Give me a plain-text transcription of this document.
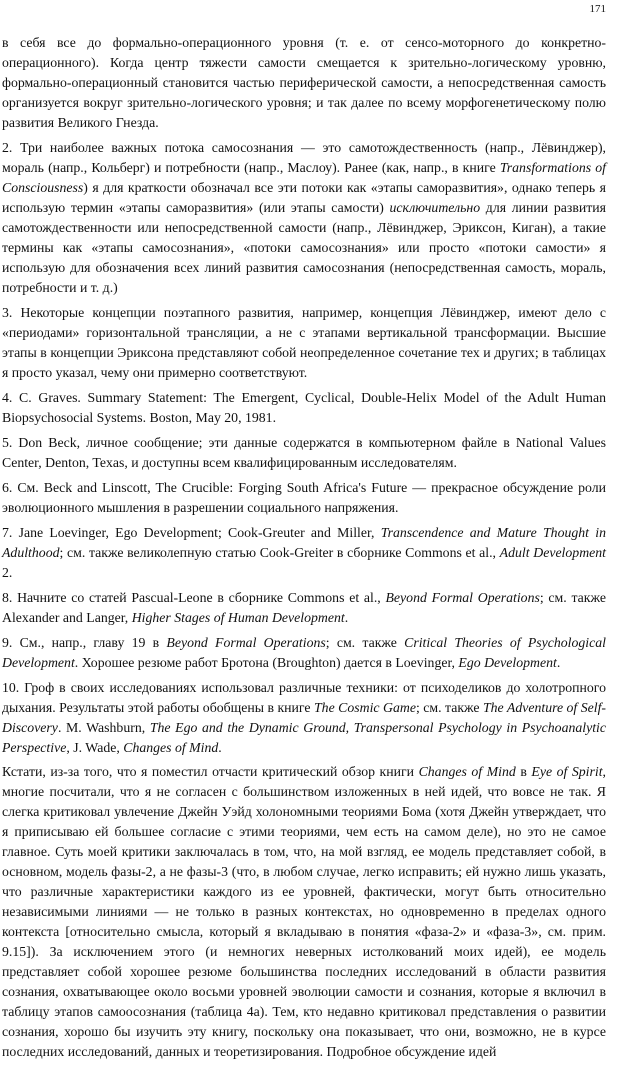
171

в себя все до формально-операционного уровня (т. е. от сенсо-моторного до конкретно-операционного). Когда центр тяжести самости смещается к зрительно-логическому уровню, формально-операционный становится частью периферической самости, а непосредственная самость организуется вокруг зрительно-логического уровня; и так далее по всему морфогенетическому полю развития Великого Гнезда.

2. Три наиболее важных потока самосознания — это самотождественность (напр., Лёвинджер), мораль (напр., Кольберг) и потребности (напр., Маслоу). Ранее (как, напр., в книге Transformations of Consciousness) я для краткости обозначал все эти потоки как «этапы саморазвития», однако теперь я использую термин «этапы саморазвития» (или этапы самости) исключительно для линии развития самотождественности или непосредственной самости (напр., Лёвинджер, Эриксон, Киган), а такие термины как «этапы самосознания», «потоки самосознания» или просто «потоки самости» я использую для обозначения всех линий развития самосознания (непосредственная самость, мораль, потребности и т. д.)

3. Некоторые концепции поэтапного развития, например, концепция Лёвинджер, имеют дело с «периодами» горизонтальной трансляции, а не с этапами вертикальной трансформации. Высшие этапы в концепции Эриксона представляют собой неопределенное сочетание тех и других; в таблицах я просто указал, чему они примерно соответствуют.

4. C. Graves. Summary Statement: The Emergent, Cyclical, Double-Helix Model of the Adult Human Biopsychosocial Systems. Boston, May 20, 1981.

5. Don Beck, личное сообщение; эти данные содержатся в компьютерном файле в National Values Center, Denton, Texas, и доступны всем квалифицированным исследователям.

6. См. Beck and Linscott, The Crucible: Forging South Africa's Future — прекрасное обсуждение роли эволюционного мышления в разрешении социального напряжения.

7. Jane Loevinger, Ego Development; Cook-Greuter and Miller, Transcendence and Mature Thought in Adulthood; см. также великолепную статью Cook-Greiter в сборнике Commons et al., Adult Development 2.

8. Начните со статей Pascual-Leone в сборнике Commons et al., Beyond Formal Operations; см. также Alexander and Langer, Higher Stages of Human Development.

9. См., напр., главу 19 в Beyond Formal Operations; см. также Critical Theories of Psychological Development. Хорошее резюме работ Бротона (Broughton) дается в Loevinger, Ego Development.

10. Гроф в своих исследованиях использовал различные техники: от психоделиков до холотропного дыхания. Результаты этой работы обобщены в книге The Cosmic Game; см. также The Adventure of Self-Discovery. M. Washburn, The Ego and the Dynamic Ground, Transpersonal Psychology in Psychoanalytic Perspective, J. Wade, Changes of Mind.

Кстати, из-за того, что я поместил отчасти критический обзор книги Changes of Mind в Eye of Spirit, многие посчитали, что я не согласен с большинством изложенных в ней идей, что вовсе не так. Я слегка критиковал увлечение Джейн Уэйд холономными теориями Бома (хотя Джейн утверждает, что я приписываю ей большее согласие с этими теориями, чем есть на самом деле), но это не самое главное. Суть моей критики заключалась в том, что, на мой взгляд, ее модель представляет собой, в основном, модель фазы-2, а не фазы-3 (что, в любом случае, легко исправить; ей нужно лишь указать, что различные характеристики каждого из ее уровней, фактически, могут быть относительно независимыми линиями — не только в разных контекстах, но одновременно в пределах одного контекста [относительно смысла, который я вкладываю в понятия «фаза-2» и «фаза-3», см. прим. 9.15]). За исключением этого (и немногих неверных истолкований моих идей), ее модель представляет собой хорошее резюме большинства последних исследований в области развития сознания, охватывающее около восьми уровней эволюции самости и сознания, которые я включил в таблицу этапов самоосознания (таблица 4а). Тем, кто недавно критиковал представления о развитии сознания, хорошо бы изучить эту книгу, поскольку она показывает, что они, возможно, не в курсе последних исследований, данных и теоретизирования. Подробное обсуждение идей
